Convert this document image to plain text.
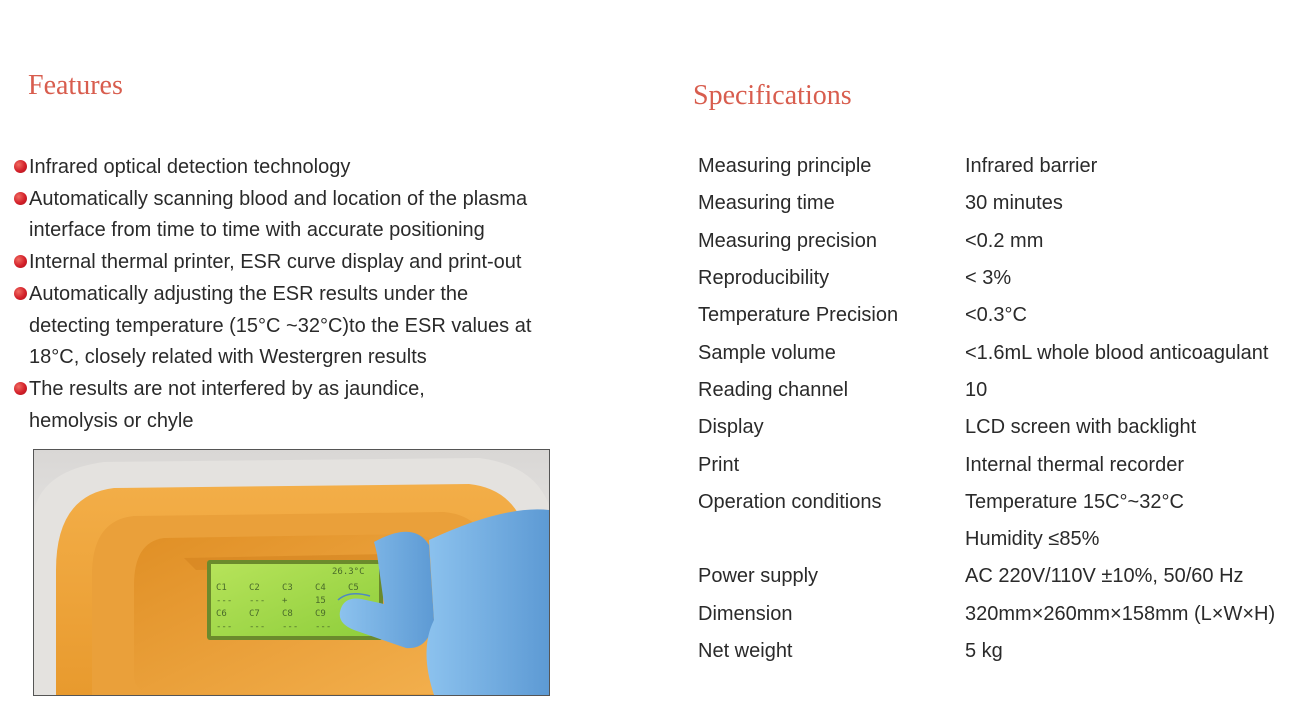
Features
Infrared optical detection technology
Automatically scanning blood and location of the plasma
interface from time to time with accurate positioning
Internal thermal printer, ESR curve display and print-out
Automatically adjusting the ESR results under the
detecting temperature (15°C ~32°C)to the ESR values at
18°C, closely related with Westergren results
The results are not interfered by as jaundice,
hemolysis or chyle
26.3°C
C1 C2 C3 C4 C5
--- --- +	15
C6 C7 C8 C9
--- --- --- ---
Specifications
Measuring principle	Infrared barrier
Measuring time	30 minutes
Measuring precision	<0.2 mm
Reproducibility	< 3%
Temperature Precision	<0.3°C
Sample volume	<1.6mL whole blood anticoagulant
Reading channel	10
Display	LCD screen with backlight
Print	Internal thermal recorder
Operation conditions	Temperature 15C°~32°C
	Humidity ≤85%
Power supply	AC 220V/110V ±10%, 50/60 Hz
Dimension	320mm×260mm×158mm (L×W×H)
Net weight	5 kg
